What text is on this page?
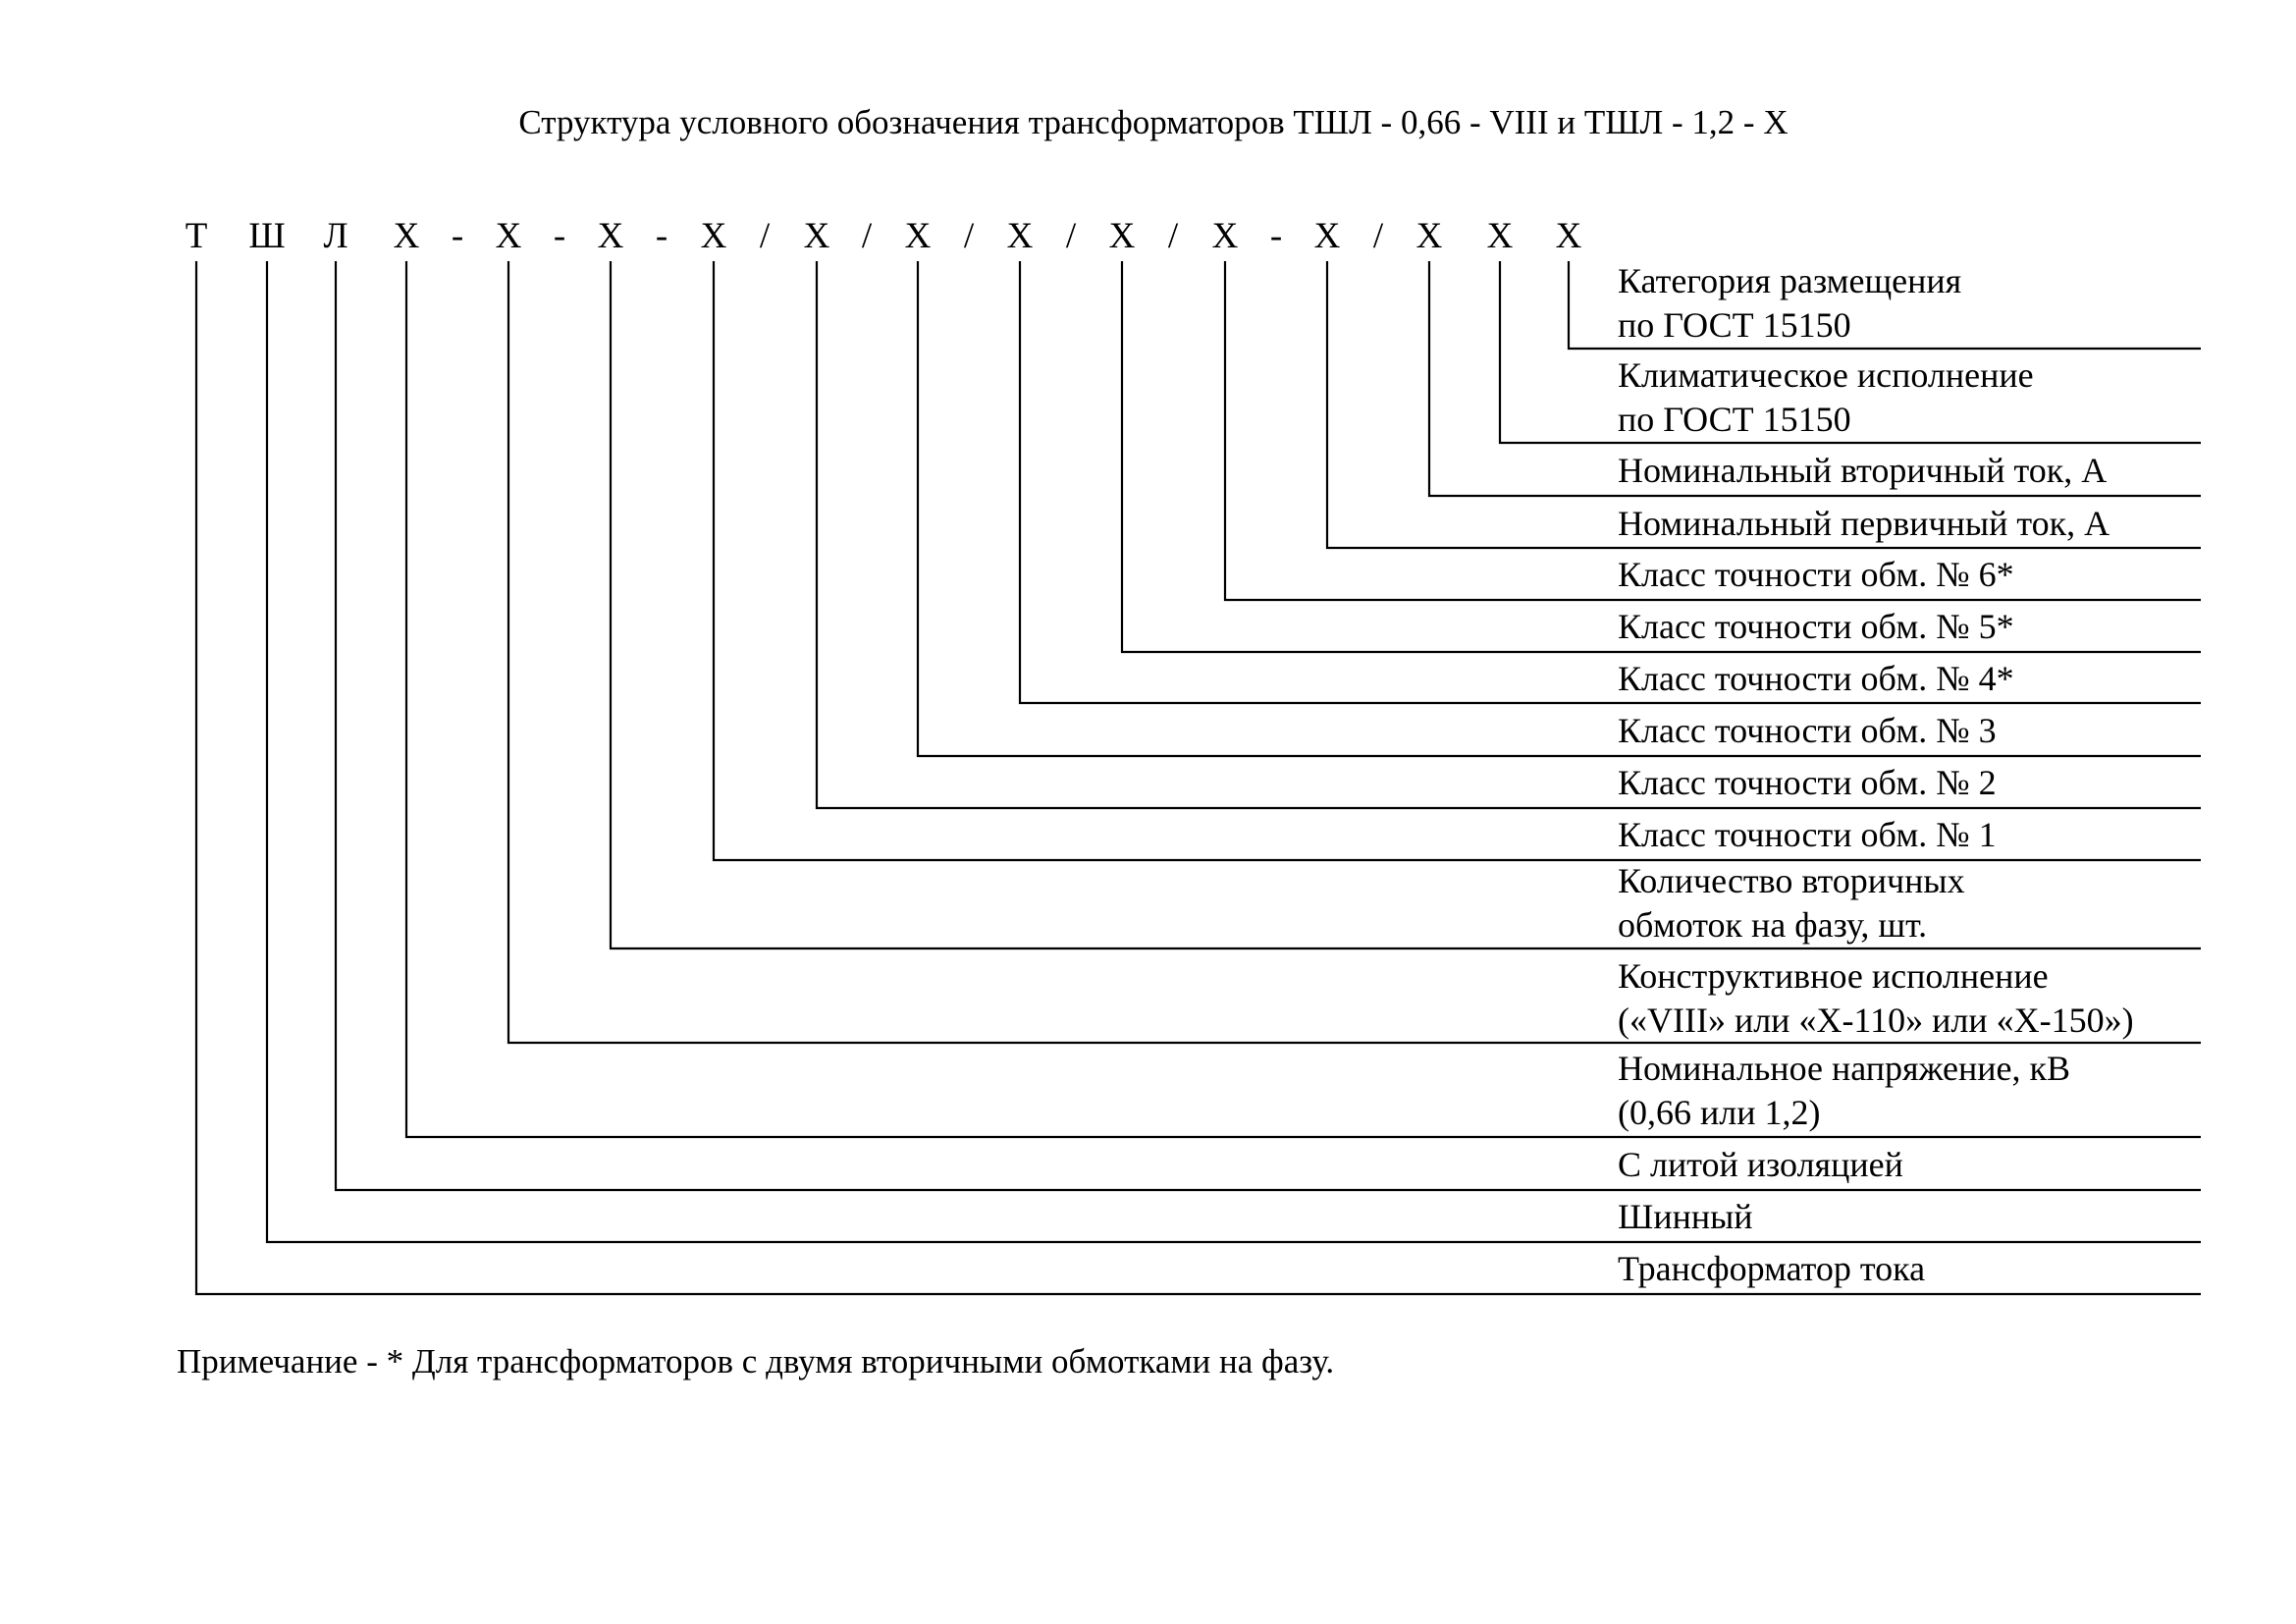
Структура условного обозначения трансформаторов ТШЛ - 0,66 - VIII и ТШЛ - 1,2 - Х
Т Ш Л Х - Х - Х - Х / Х / Х / Х / Х / Х - Х / Х Х Х
Категория размещения
по ГОСТ 15150
Климатическое исполнение
по ГОСТ 15150
Номинальный вторичный ток, А
Номинальный первичный ток, А
Класс точности обм. № 6*
Класс точности обм. № 5*
Класс точности обм. № 4*
Класс точности обм. № 3
Класс точности обм. № 2
Класс точности обм. № 1
Количество вторичных
обмоток на фазу, шт.
Конструктивное исполнение
(«VIII» или «Х-110» или «Х-150»)
Номинальное напряжение, кВ
(0,66 или 1,2)
С литой изоляцией
Шинный
Трансформатор тока
Примечание - * Для трансформаторов с двумя вторичными обмотками на фазу.
